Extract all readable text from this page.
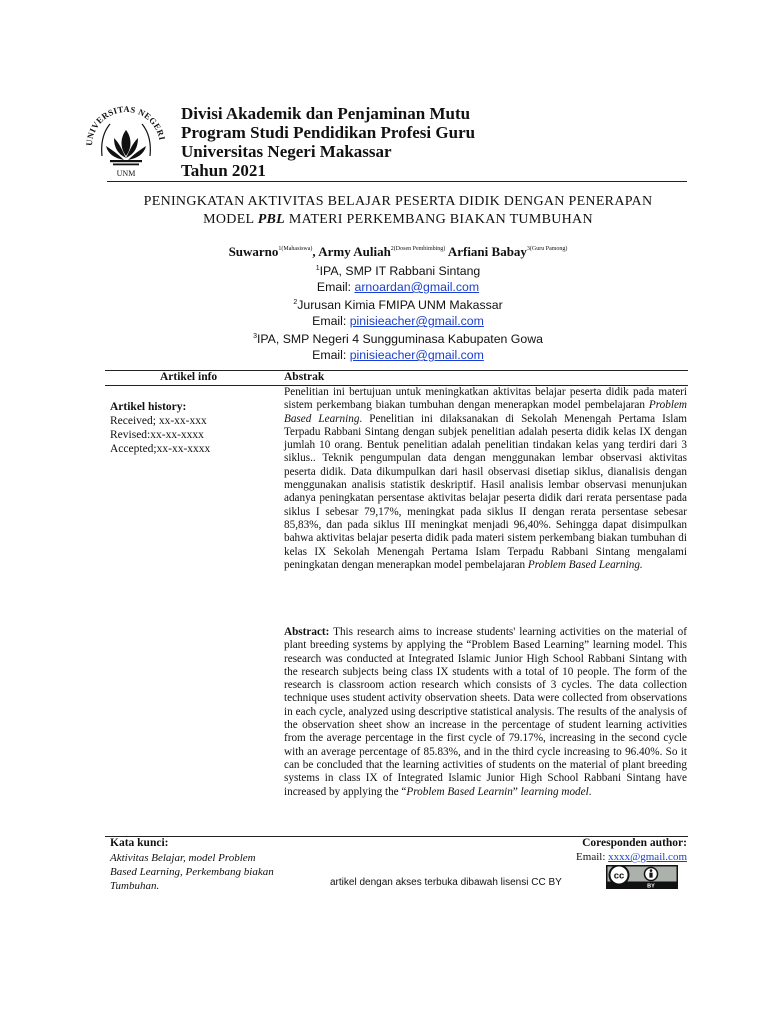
UNIVERSITAS NEGERI
UNM
Divisi Akademik dan Penjaminan Mutu
Program Studi Pendidikan Profesi Guru
Universitas Negeri Makassar
Tahun 2021
PENINGKATAN AKTIVITAS BELAJAR PESERTA DIDIK DENGAN PENERAPAN
MODEL PBL MATERI PERKEMBANG BIAKAN TUMBUHAN
Suwarno$^{1(Mahasiswa)}$, Army Auliah$^{2(Dosen Pembimbing)}$ Arfiani Babay$^{3(Guru Pamong)}$
$^1$IPA, SMP IT Rabbani Sintang
Email: arnoardan@gmail.com
$^2$Jurusan Kimia FMIPA UNM Makassar
Email: pinisieacher@gmail.com
$^3$IPA, SMP Negeri 4 Sungguminasa Kabupaten Gowa
Email: pinisieacher@gmail.com
Artikel info	Abstrak
Artikel history:
Received; xx-xx-xxx
Revised:xx-xx-xxxx
Accepted;xx-xx-xxxx

Penelitian ini bertujuan untuk meningkatkan aktivitas belajar peserta didik pada materi sistem perkembang biakan tumbuhan dengan menerapkan model pembelajaran Problem Based Learning. Penelitian ini dilaksanakan di Sekolah Menengah Pertama Islam Terpadu Rabbani Sintang dengan subjek penelitian adalah peserta didik kelas IX dengan jumlah 10 orang. Bentuk penelitian adalah penelitian tindakan kelas yang terdiri dari 3 siklus.. Teknik pengumpulan data dengan menggunakan lembar observasi aktivitas peserta didik. Data dikumpulkan dari hasil observasi disetiap siklus, dianalisis dengan menggunakan analisis statistik deskriptif. Hasil analisis lembar observasi menunjukan adanya peningkatan persentase aktivitas belajar peserta didik dari rerata persentase pada siklus I sebesar 79,17%, meningkat pada siklus II dengan rerata persentase sebesar 85,83%, dan pada siklus III meningkat menjadi 96,40%. Sehingga dapat disimpulkan bahwa aktivitas belajar peserta didik pada materi sistem perkembang biakan tumbuhan di kelas IX Sekolah Menengah Pertama Islam Terpadu Rabbani Sintang mengalami peningkatan dengan menerapkan model pembelajaran Problem Based Learning.

Abstract: This research aims to increase students' learning activities on the material of plant breeding systems by applying the “Problem Based Learning” learning model. This research was conducted at Integrated Islamic Junior High School Rabbani Sintang with the research subjects being class IX students with a total of 10 people. The form of the research is classroom action research which consists of 3 cycles. The data collection technique uses student activity observation sheets. Data were collected from observations in each cycle, analyzed using descriptive statistical analysis. The results of the analysis of the observation sheet show an increase in the percentage of student learning activities from the average percentage in the first cycle of 79.17%, increasing in the second cycle with an average percentage of 85.83%, and in the third cycle increasing to 96.40%. So it can be concluded that the learning activities of students on the material of plant breeding systems in class IX of Integrated Islamic Junior High School Rabbani Sintang have increased by applying the “Problem Based Learnin” learning model.

Kata kunci:
Aktivitas Belajar, model Problem Based Learning, Perkembang biakan Tumbuhan.
Coresponden author:
Email: xxxx@gmail.com
artikel dengan akses terbuka dibawah lisensi CC BY
cc
BY
